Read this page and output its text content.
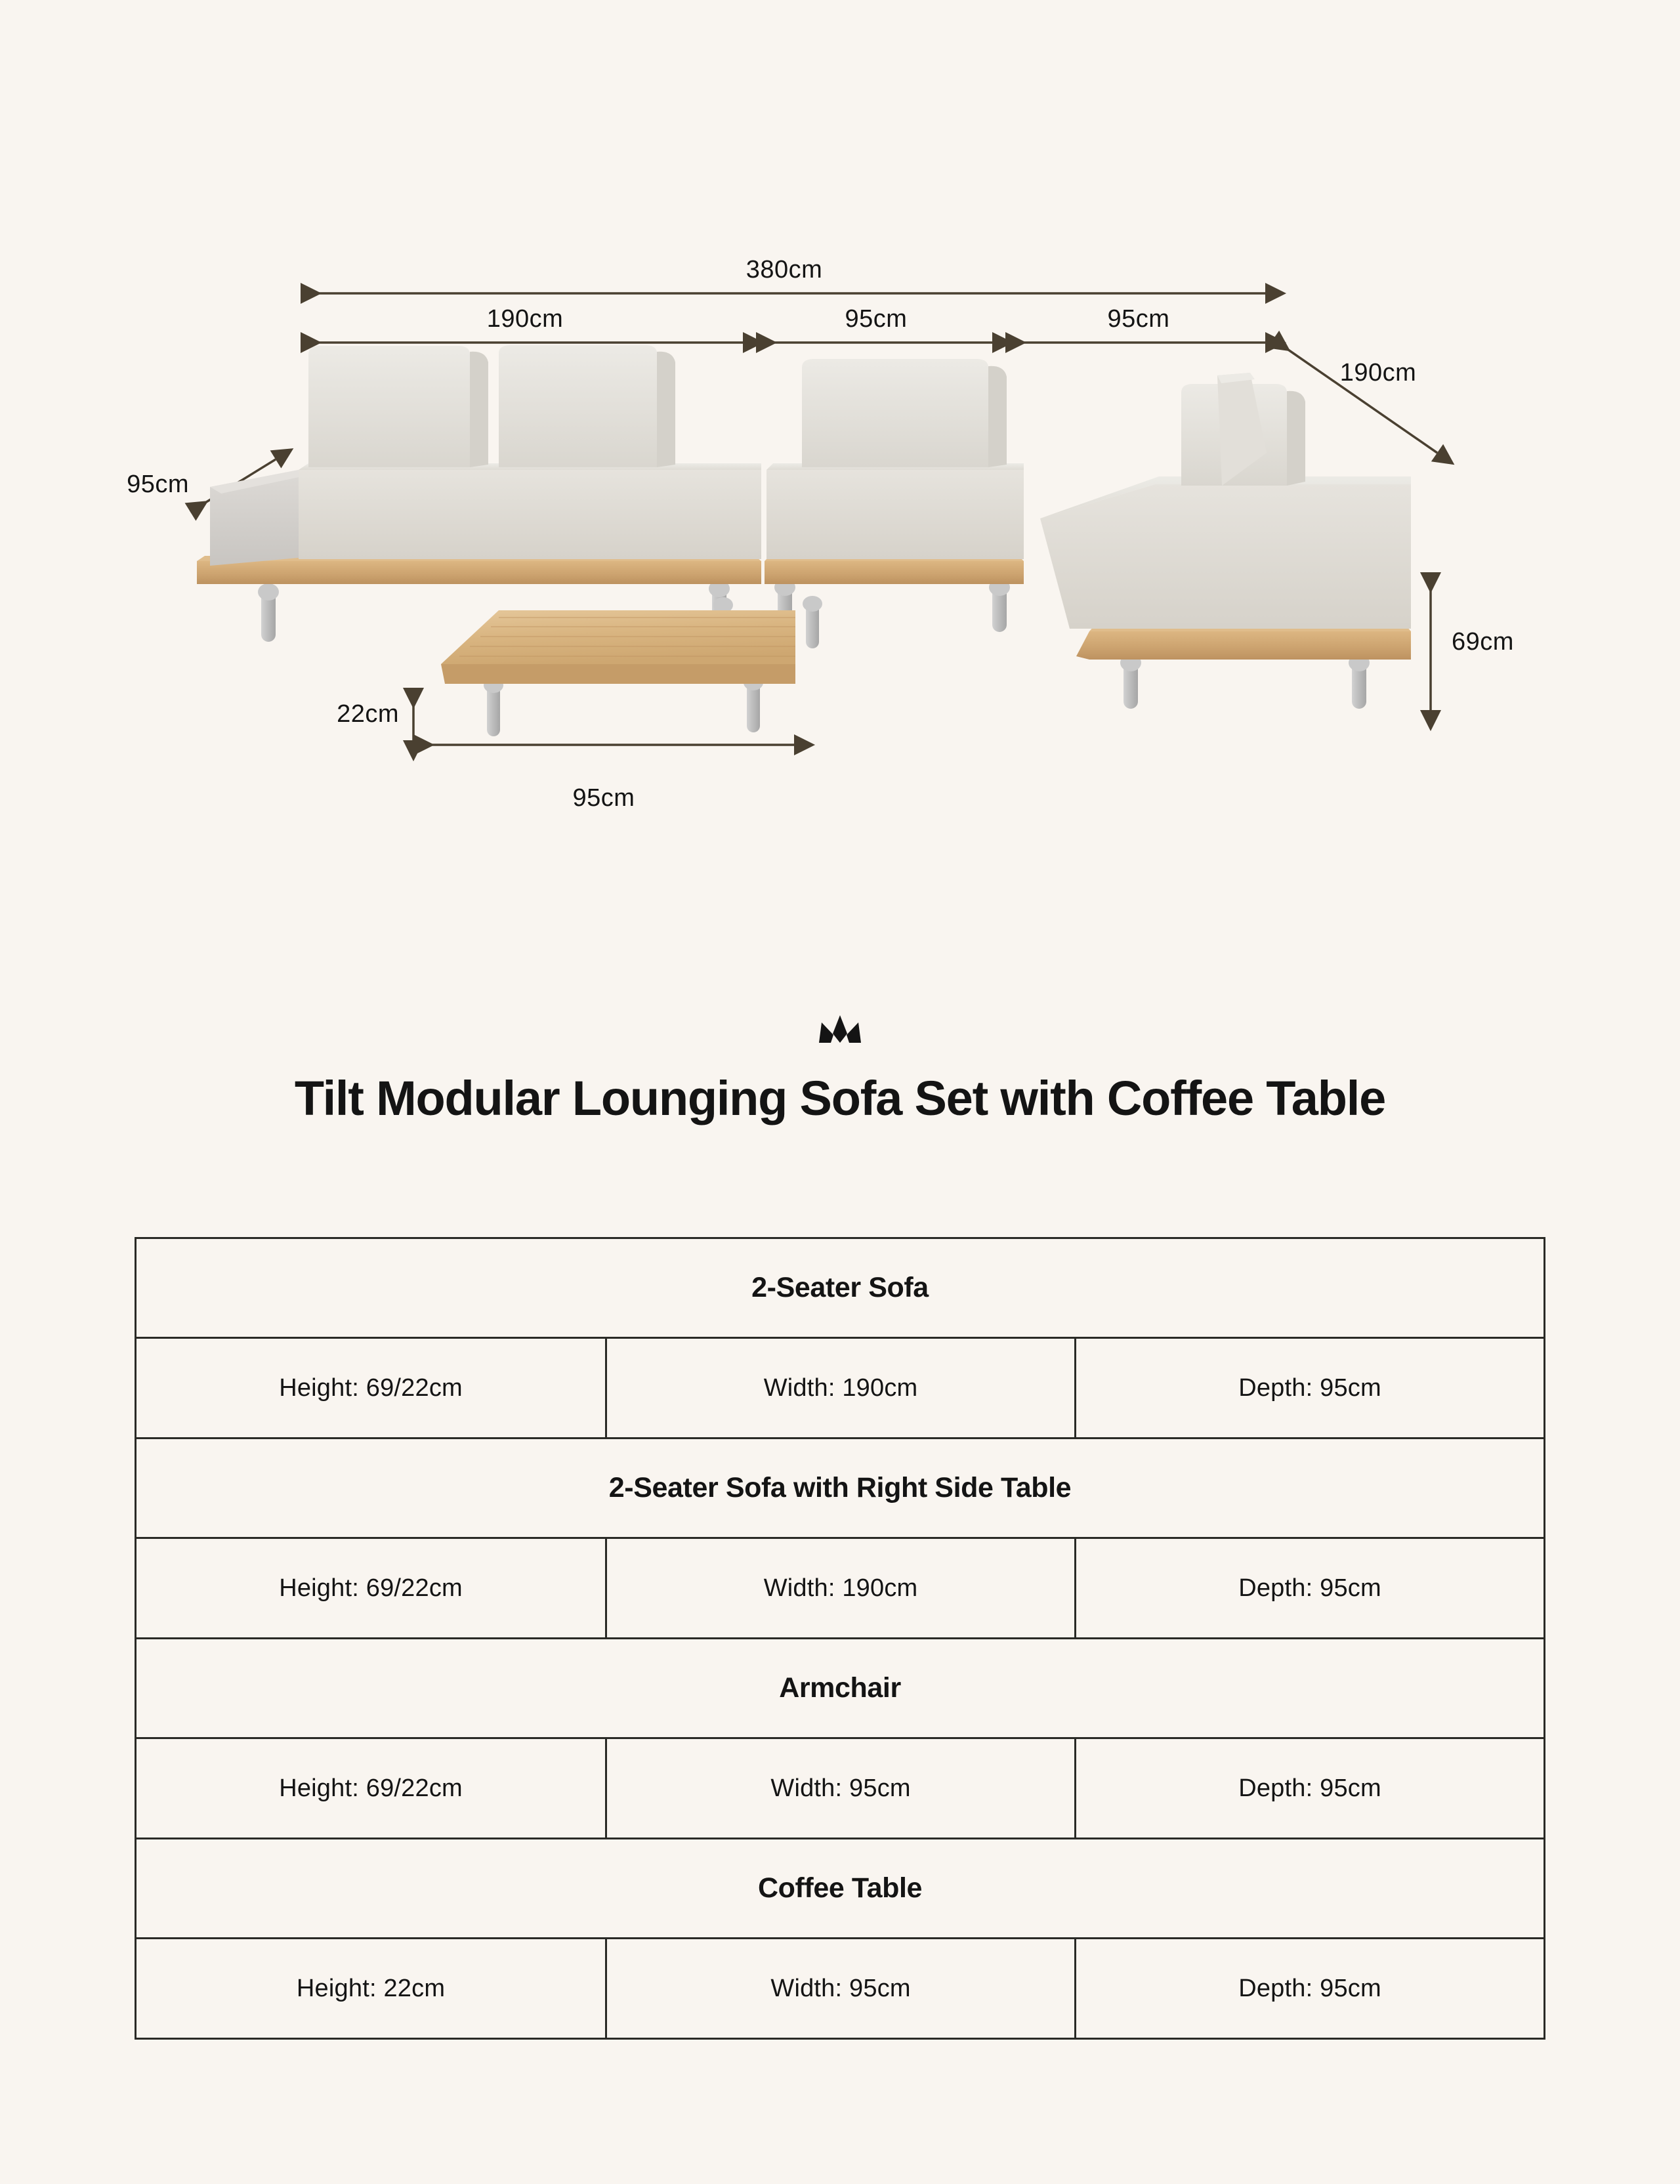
380cm
190cm	95cm	95cm
190cm
95cm
69cm
22cm
95cm
Tilt Modular Lounging Sofa Set with Coffee Table
2-Seater Sofa		
Height: 69/22cm	Width: 190cm	Depth: 95cm
2-Seater Sofa with Right Side Table		
Height: 69/22cm	Width: 190cm	Depth: 95cm
Armchair		
Height: 69/22cm	Width: 95cm	Depth: 95cm
Coffee Table		
Height: 22cm	Width: 95cm	Depth: 95cm
